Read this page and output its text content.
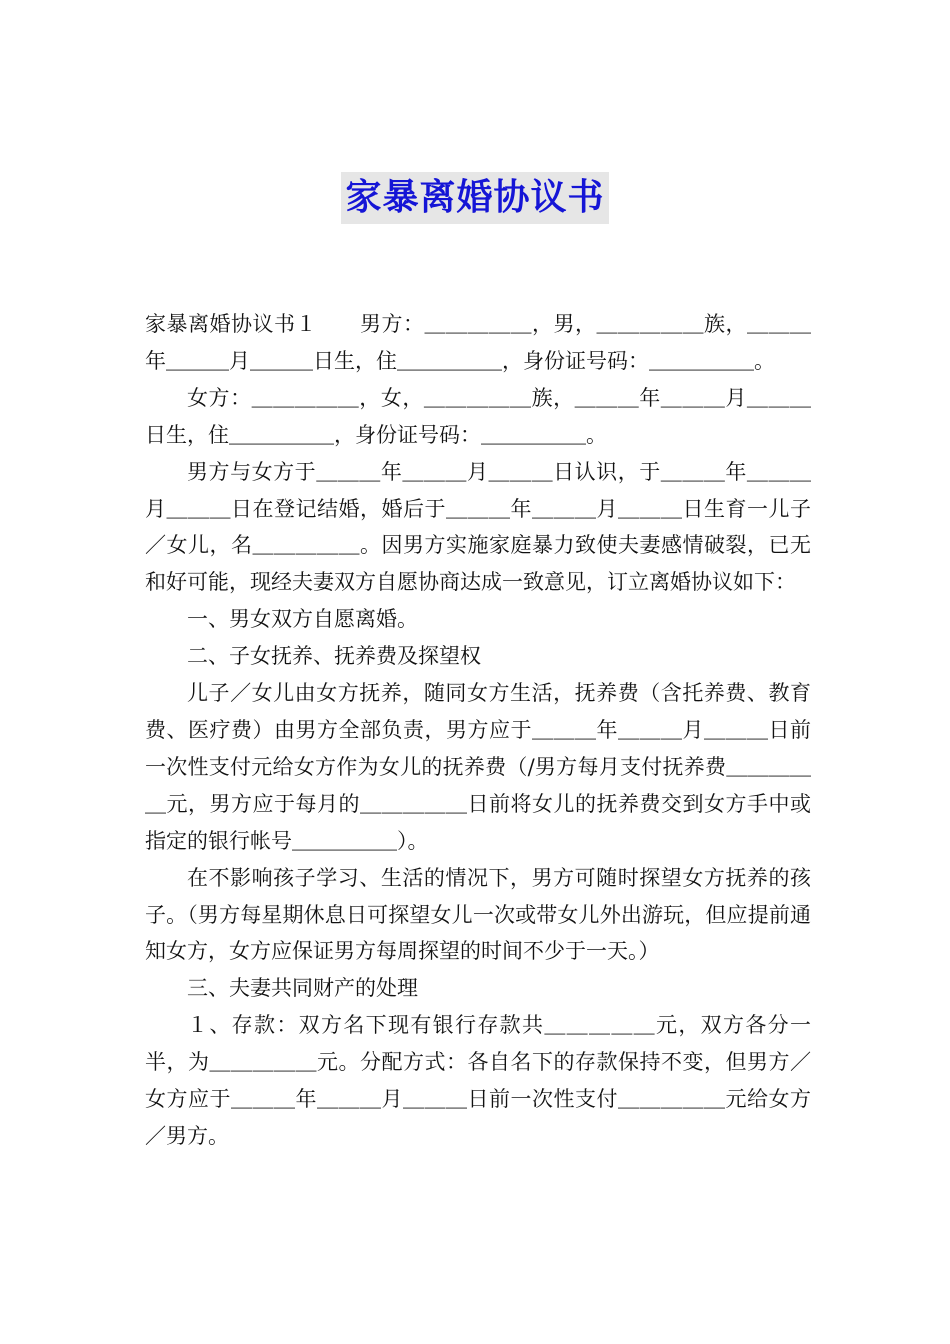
家暴离婚协议书

家暴离婚协议书１　　男方：＿＿＿＿＿，男，＿＿＿＿＿族，＿＿＿年＿＿＿月＿＿＿日生，住＿＿＿＿＿，身份证号码：＿＿＿＿＿。

女方：＿＿＿＿＿，女，＿＿＿＿＿族，＿＿＿年＿＿＿月＿＿＿日生，住＿＿＿＿＿，身份证号码：＿＿＿＿＿。

男方与女方于＿＿＿年＿＿＿月＿＿＿日认识，于＿＿＿年＿＿＿月＿＿＿日在登记结婚，婚后于＿＿＿年＿＿＿月＿＿＿日生育一儿子／女儿，名＿＿＿＿＿。因男方实施家庭暴力致使夫妻感情破裂，已无和好可能，现经夫妻双方自愿协商达成一致意见，订立离婚协议如下：

一、男女双方自愿离婚。

二、子女抚养、抚养费及探望权

儿子／女儿由女方抚养，随同女方生活，抚养费（含托养费、教育费、医疗费）由男方全部负责，男方应于＿＿＿年＿＿＿月＿＿＿日前一次性支付元给女方作为女儿的抚养费（/男方每月支付抚养费＿＿＿＿＿元，男方应于每月的＿＿＿＿＿日前将女儿的抚养费交到女方手中或指定的银行帐号＿＿＿＿＿）。

在不影响孩子学习、生活的情况下，男方可随时探望女方抚养的孩子。（男方每星期休息日可探望女儿一次或带女儿外出游玩，但应提前通知女方，女方应保证男方每周探望的时间不少于一天。）

三、夫妻共同财产的处理

１、存款：双方名下现有银行存款共＿＿＿＿＿元，双方各分一半，为＿＿＿＿＿元。分配方式：各自名下的存款保持不变，但男方／女方应于＿＿＿年＿＿＿月＿＿＿日前一次性支付＿＿＿＿＿元给女方／男方。
